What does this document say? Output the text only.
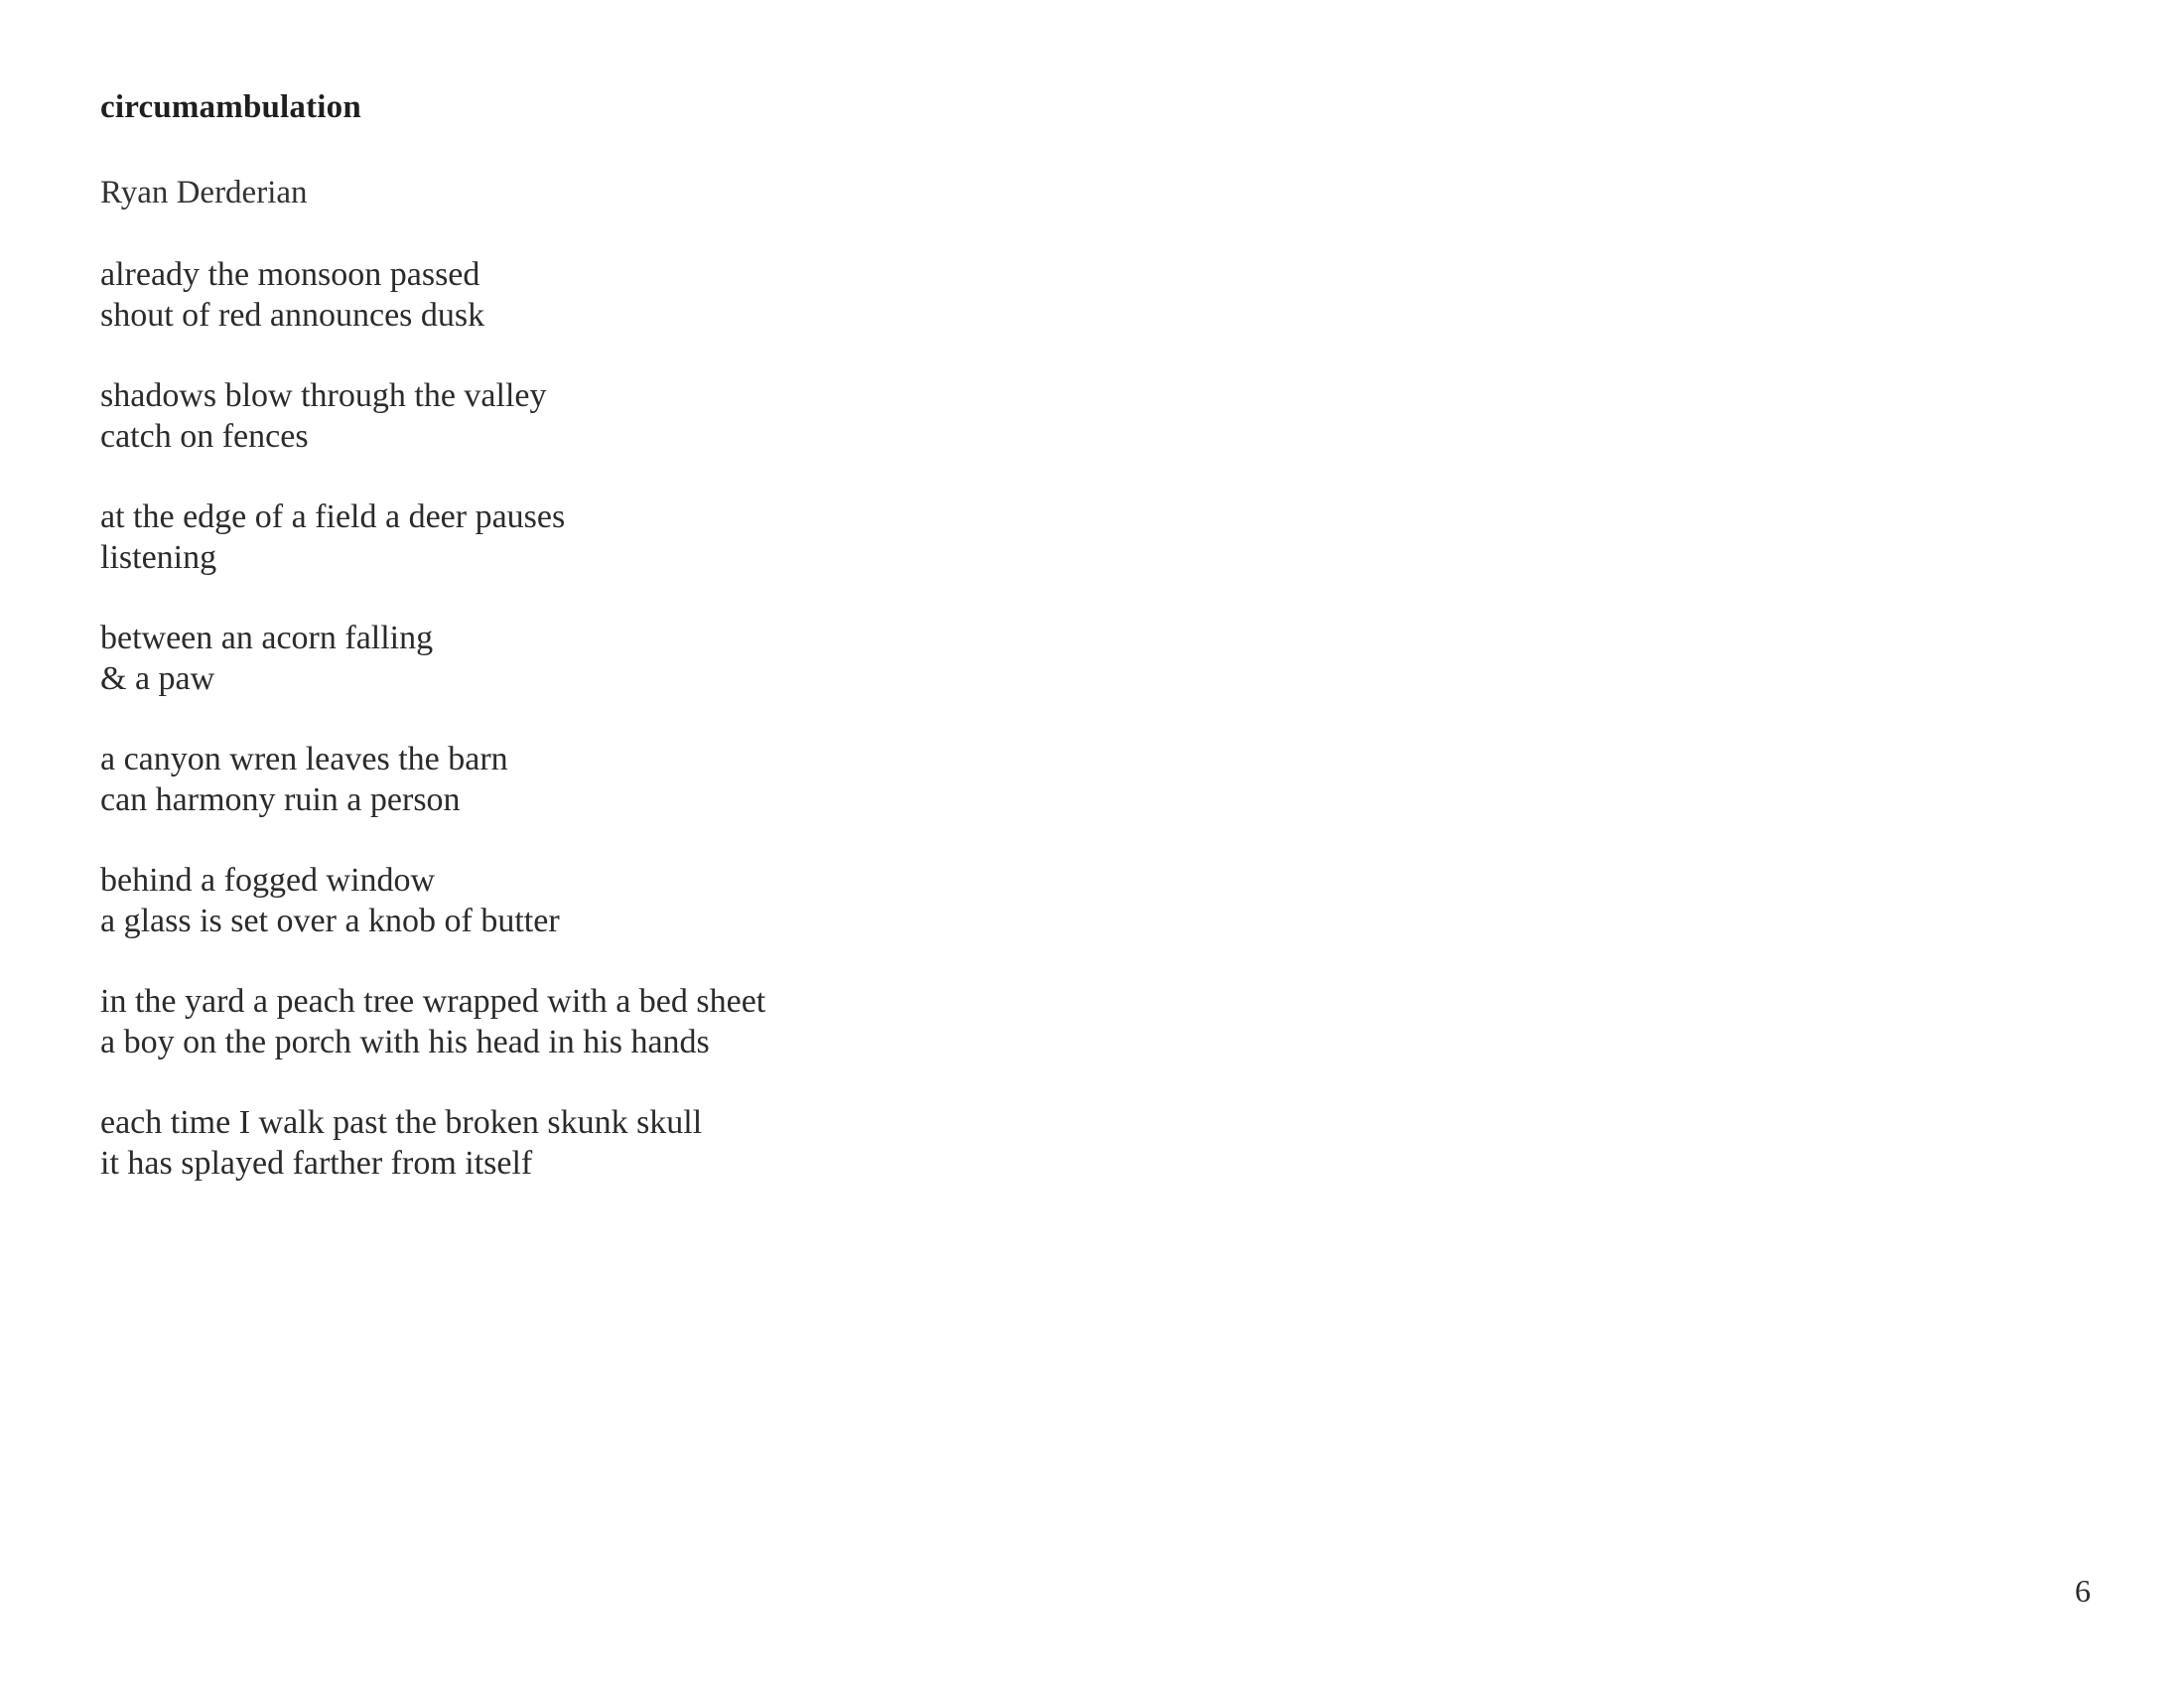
circumambulation
Ryan Derderian
already the monsoon passed
shout of red announces dusk
shadows blow through the valley
catch on fences
at the edge of a field a deer pauses
listening
between an acorn falling
& a paw
a canyon wren leaves the barn
can harmony ruin a person
behind a fogged window
a glass is set over a knob of butter
in the yard a peach tree wrapped with a bed sheet
a boy on the porch with his head in his hands
each time I walk past the broken skunk skull
it has splayed farther from itself
6
